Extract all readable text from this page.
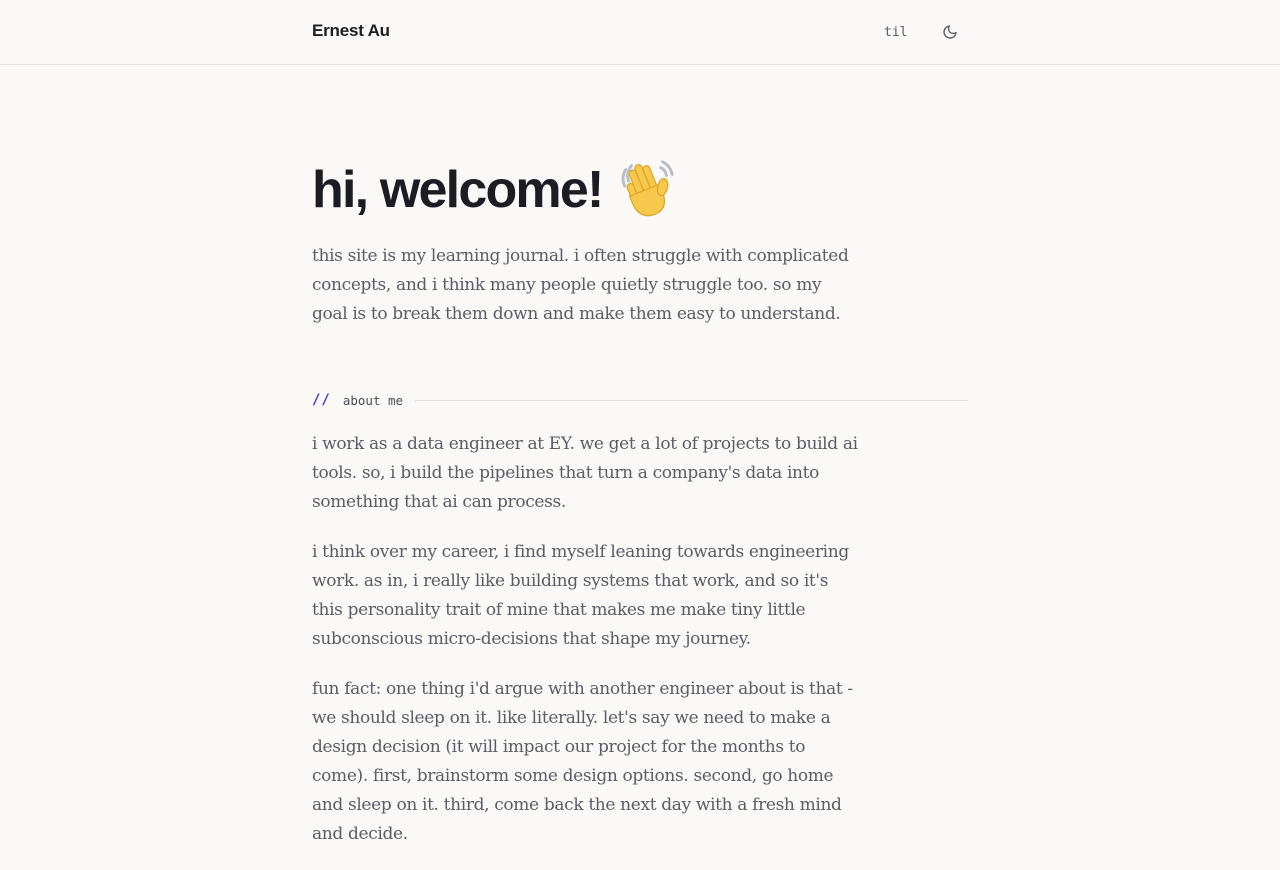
Ernest Au	til
hi, welcome!

this site is my learning journal. i often struggle with complicated concepts, and i think many people quietly struggle too. so my goal is to break them down and make them easy to understand.

// about me

i work as a data engineer at EY. we get a lot of projects to build ai tools. so, i build the pipelines that turn a company's data into something that ai can process.

i think over my career, i find myself leaning towards engineering work. as in, i really like building systems that work, and so it's this personality trait of mine that makes me make tiny little subconscious micro-decisions that shape my journey.

fun fact: one thing i'd argue with another engineer about is that - we should sleep on it. like literally. let's say we need to make a design decision (it will impact our project for the months to come). first, brainstorm some design options. second, go home and sleep on it. third, come back the next day with a fresh mind and decide.
